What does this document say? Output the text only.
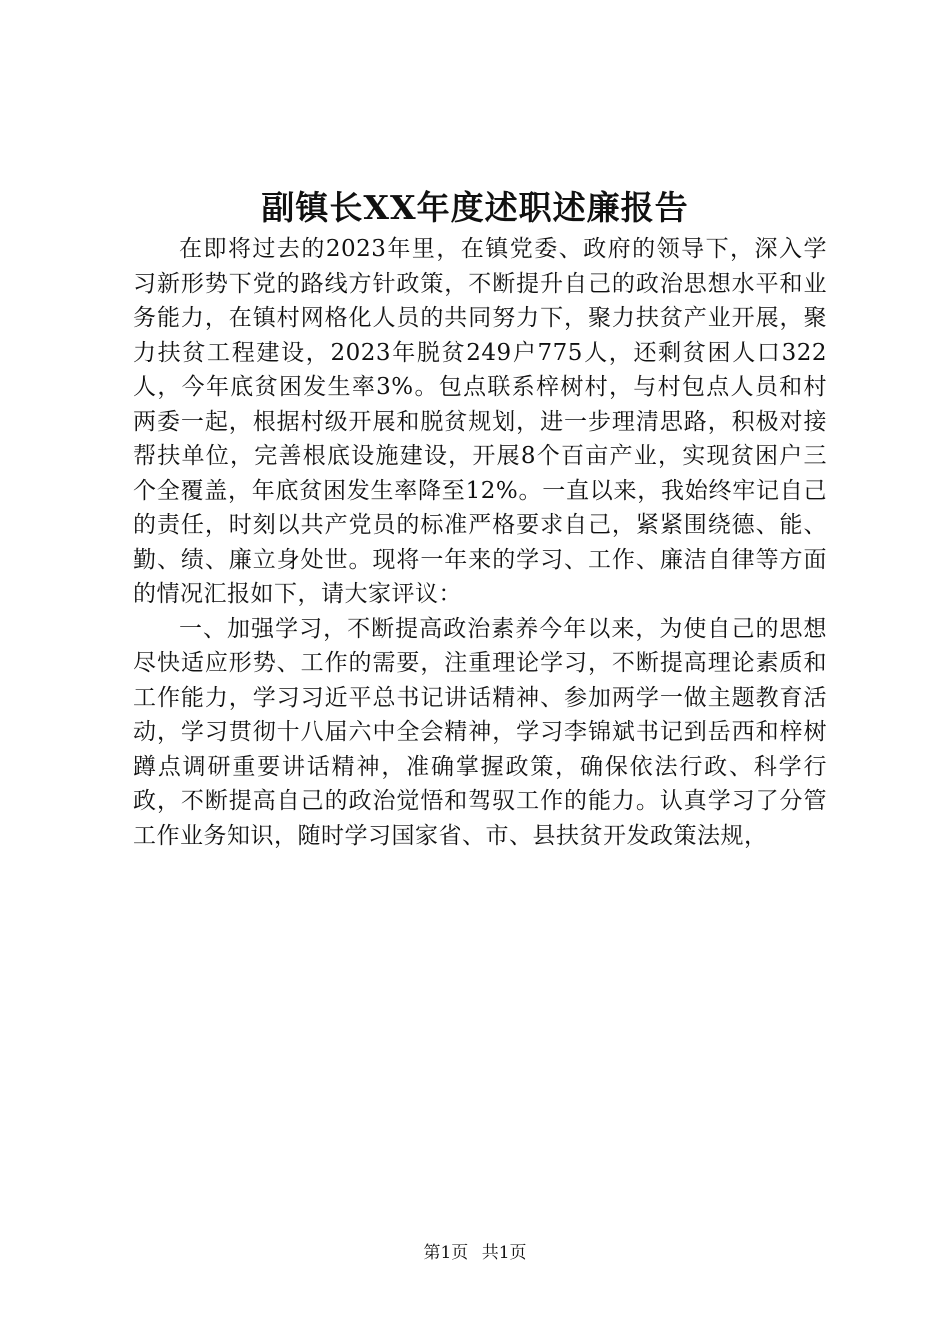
副镇长XX年度述职述廉报告

在即将过去的2023年里，在镇党委、政府的领导下，深入学习新形势下党的路线方针政策，不断提升自己的政治思想水平和业务能力，在镇村网格化人员的共同努力下，聚力扶贫产业开展，聚力扶贫工程建设，2023年脱贫249户775人，还剩贫困人口322人，今年底贫困发生率3%。包点联系梓树村，与村包点人员和村两委一起，根据村级开展和脱贫规划，进一步理清思路，积极对接帮扶单位，完善根底设施建设，开展8个百亩产业，实现贫困户三个全覆盖，年底贫困发生率降至12%。一直以来，我始终牢记自己的责任，时刻以共产党员的标准严格要求自己，紧紧围绕德、能、勤、绩、廉立身处世。现将一年来的学习、工作、廉洁自律等方面的情况汇报如下，请大家评议：

一、加强学习，不断提高政治素养今年以来，为使自己的思想尽快适应形势、工作的需要，注重理论学习，不断提高理论素质和工作能力，学习习近平总书记讲话精神、参加两学一做主题教育活动，学习贯彻十八届六中全会精神，学习李锦斌书记到岳西和梓树蹲点调研重要讲话精神，准确掌握政策，确保依法行政、科学行政，不断提高自己的政治觉悟和驾驭工作的能力。认真学习了分管工作业务知识，随时学习国家省、市、县扶贫开发政策法规，

第1页 共1页
